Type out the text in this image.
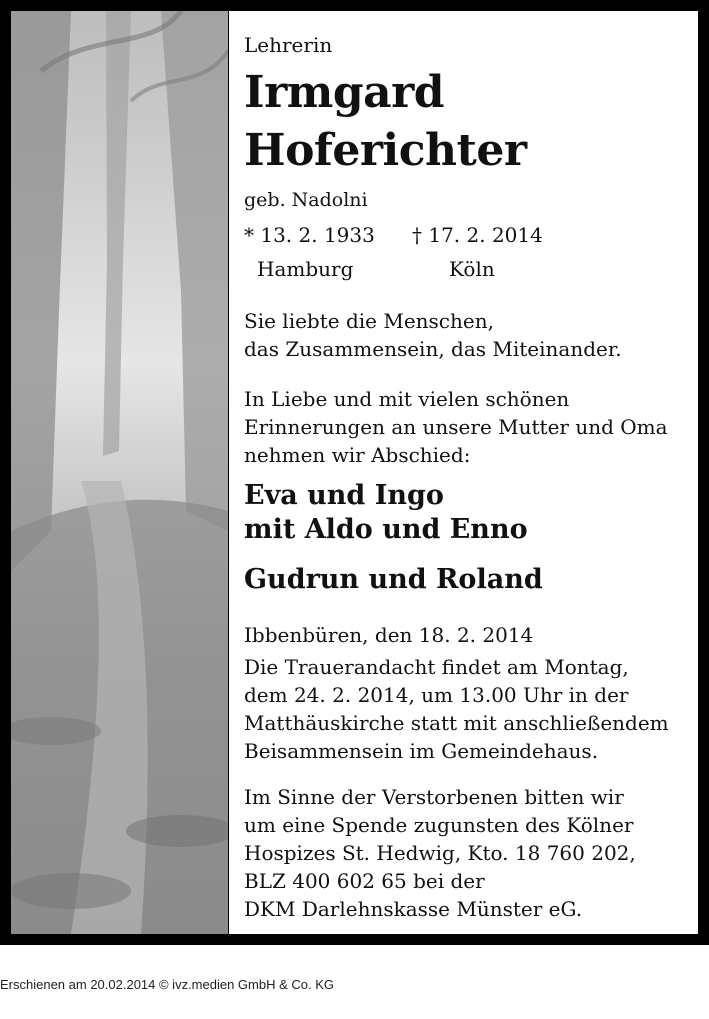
Lehrerin
Irmgard
Hoferichter
geb. Nadolni
* 13. 2. 1933 † 17. 2. 2014
Hamburg	Köln
Sie liebte die Menschen,
das Zusammensein, das Miteinander.
In Liebe und mit vielen schönen
Erinnerungen an unsere Mutter und Oma
nehmen wir Abschied:
Eva und Ingo
mit Aldo und Enno
Gudrun und Roland
Ibbenbüren, den 18. 2. 2014
Die Trauerandacht findet am Montag,
dem 24. 2. 2014, um 13.00 Uhr in der
Matthäuskirche statt mit anschließendem
Beisammensein im Gemeindehaus.
Im Sinne der Verstorbenen bitten wir
um eine Spende zugunsten des Kölner
Hospizes St. Hedwig, Kto. 18 760 202,
BLZ 400 602 65 bei der
DKM Darlehnskasse Münster eG.
Erschienen am 20.02.2014 © ivz.medien GmbH & Co. KG
